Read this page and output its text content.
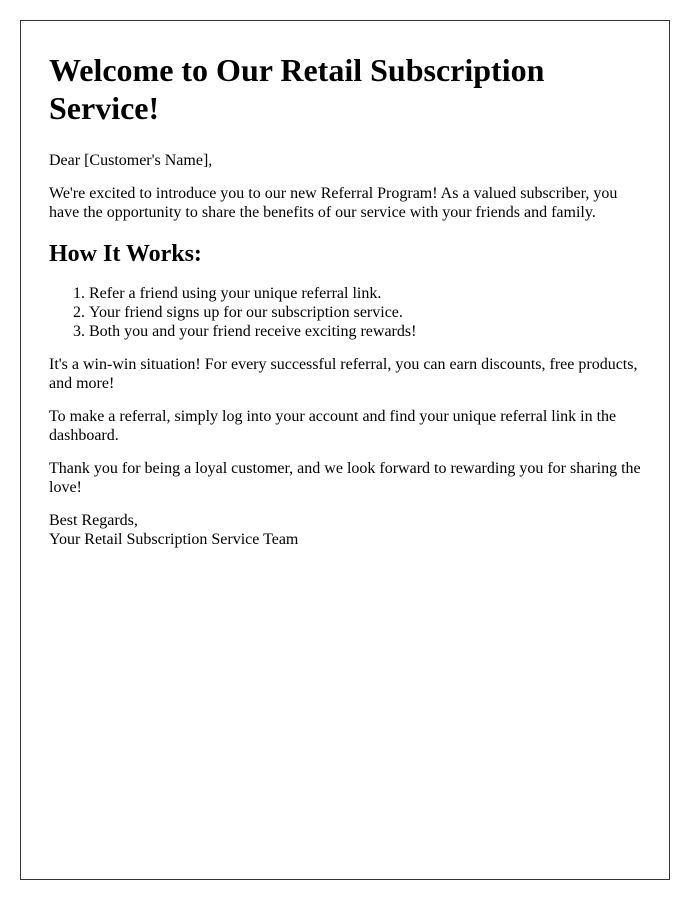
Welcome to Our Retail Subscription Service!

Dear [Customer's Name],

We're excited to introduce you to our new Referral Program! As a valued subscriber, you have the opportunity to share the benefits of our service with your friends and family.

How It Works:
1. Refer a friend using your unique referral link.
2. Your friend signs up for our subscription service.
3. Both you and your friend receive exciting rewards!

It's a win-win situation! For every successful referral, you can earn discounts, free products, and more!

To make a referral, simply log into your account and find your unique referral link in the dashboard.

Thank you for being a loyal customer, and we look forward to rewarding you for sharing the love!

Best Regards,

Your Retail Subscription Service Team
